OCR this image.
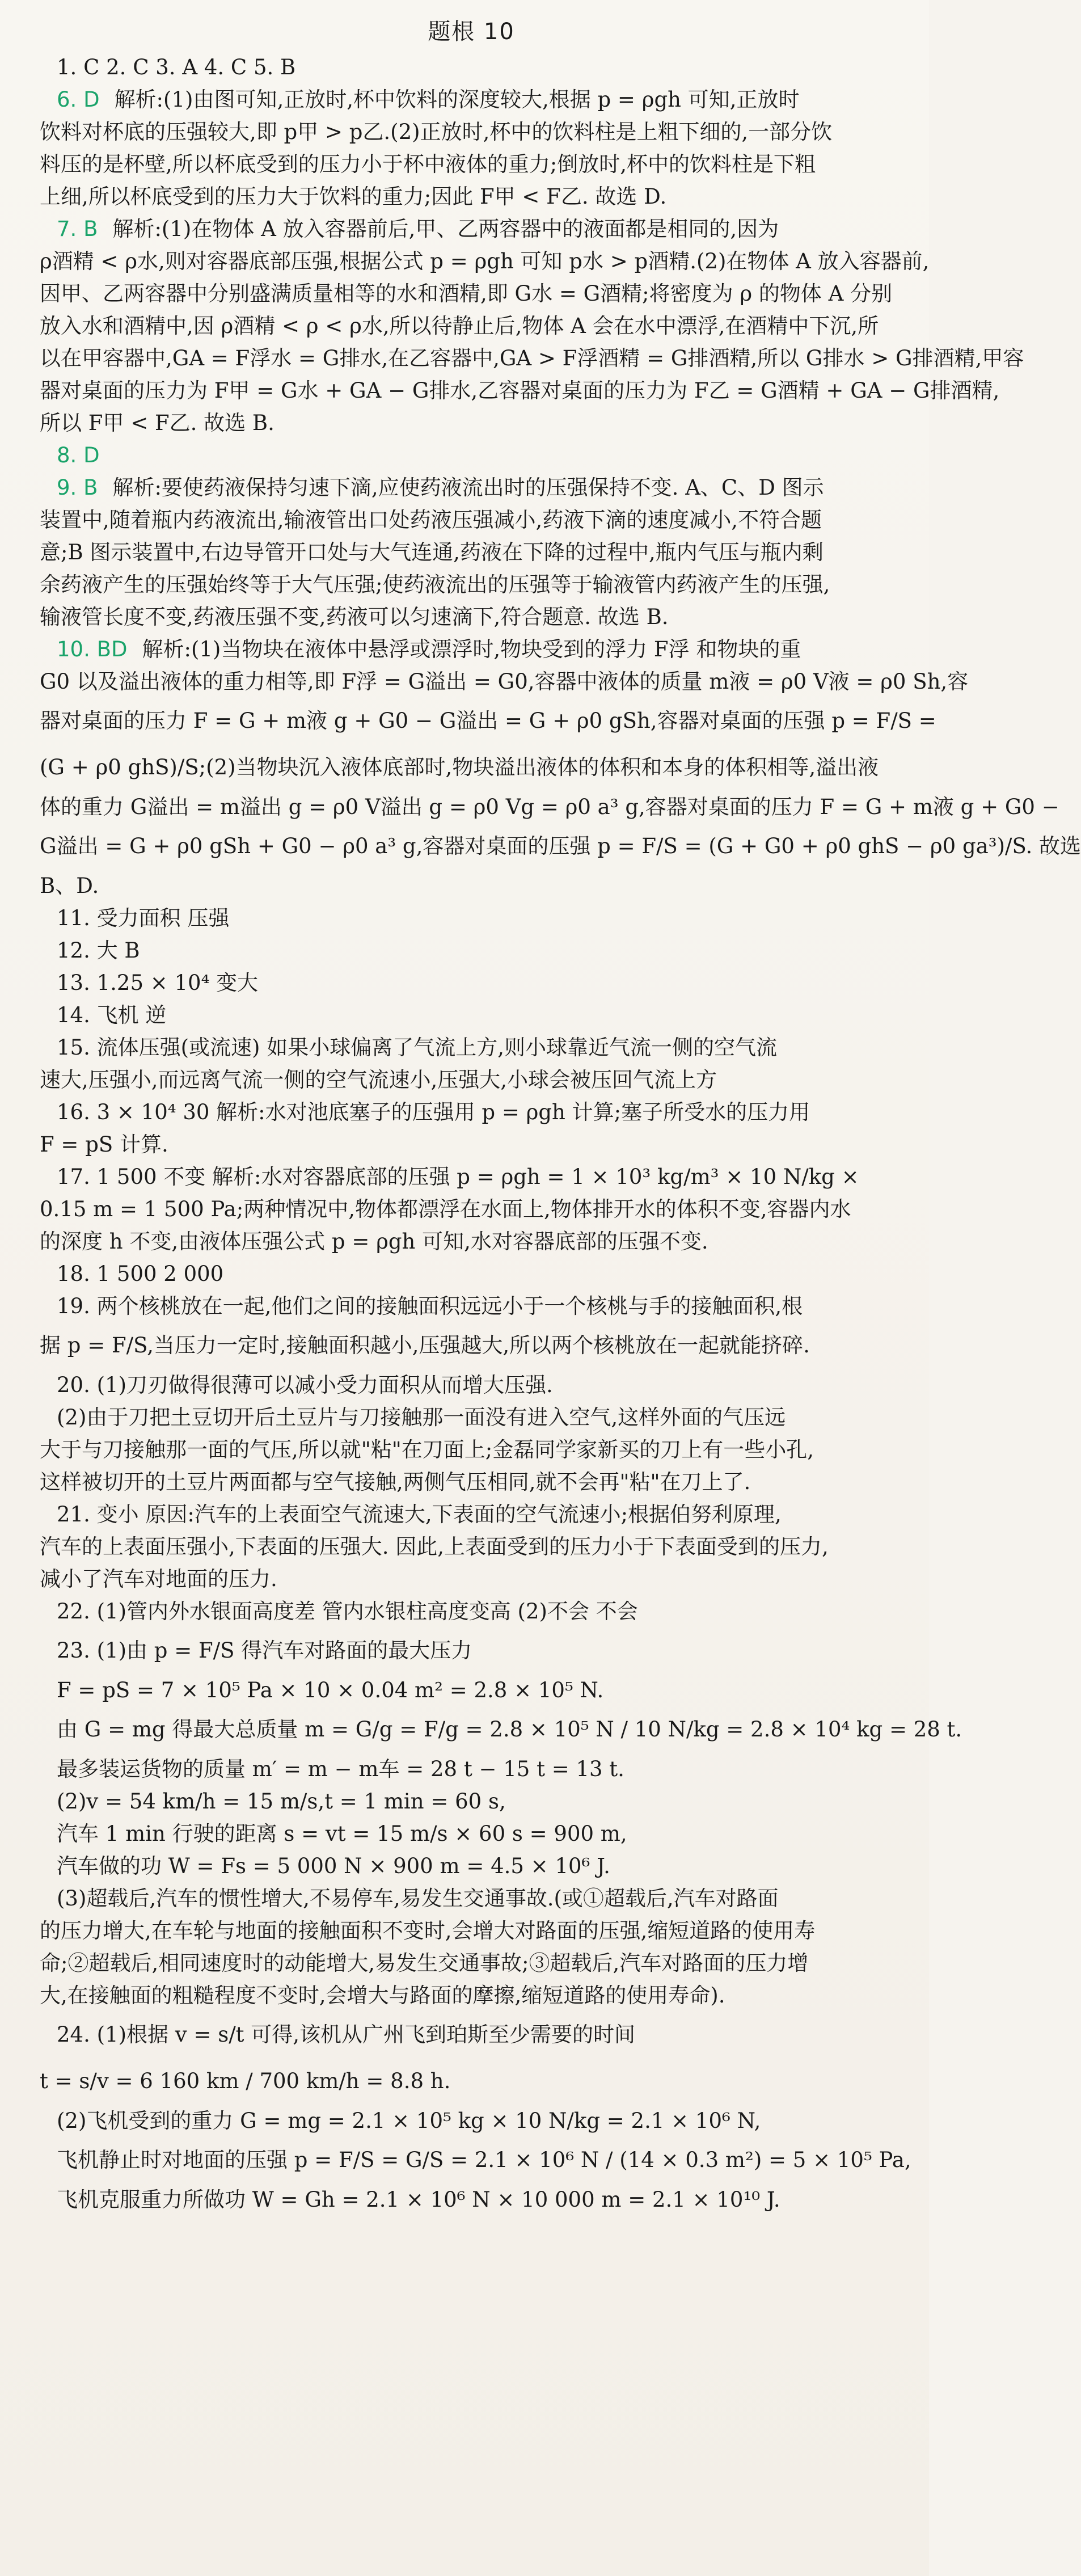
题根 10
1. C 2. C 3. A 4. C 5. B
6. D 解析:(1)由图可知,正放时,杯中饮料的深度较大,根据 p = ρgh 可知,正放时
饮料对杯底的压强较大,即 p甲 > p乙.(2)正放时,杯中的饮料柱是上粗下细的,一部分饮
料压的是杯壁,所以杯底受到的压力小于杯中液体的重力;倒放时,杯中的饮料柱是下粗
上细,所以杯底受到的压力大于饮料的重力;因此 F甲 < F乙. 故选 D.
7. B 解析:(1)在物体 A 放入容器前后,甲、乙两容器中的液面都是相同的,因为
ρ酒精 < ρ水,则对容器底部压强,根据公式 p = ρgh 可知 p水 > p酒精.(2)在物体 A 放入容器前,
因甲、乙两容器中分别盛满质量相等的水和酒精,即 G水 = G酒精;将密度为 ρ 的物体 A 分别
放入水和酒精中,因 ρ酒精 < ρ < ρ水,所以待静止后,物体 A 会在水中漂浮,在酒精中下沉,所
以在甲容器中,GA = F浮水 = G排水,在乙容器中,GA > F浮酒精 = G排酒精,所以 G排水 > G排酒精,甲容
器对桌面的压力为 F甲 = G水 + GA − G排水,乙容器对桌面的压力为 F乙 = G酒精 + GA − G排酒精,
所以 F甲 < F乙. 故选 B.
8. D
9. B 解析:要使药液保持匀速下滴,应使药液流出时的压强保持不变. A、C、D 图示
装置中,随着瓶内药液流出,输液管出口处药液压强减小,药液下滴的速度减小,不符合题
意;B 图示装置中,右边导管开口处与大气连通,药液在下降的过程中,瓶内气压与瓶内剩
余药液产生的压强始终等于大气压强;使药液流出的压强等于输液管内药液产生的压强,
输液管长度不变,药液压强不变,药液可以匀速滴下,符合题意. 故选 B.
10. BD 解析:(1)当物块在液体中悬浮或漂浮时,物块受到的浮力 F浮 和物块的重
G0 以及溢出液体的重力相等,即 F浮 = G溢出 = G0,容器中液体的质量 m液 = ρ0 V液 = ρ0 Sh,容
器对桌面的压力 F = G + m液 g + G0 − G溢出 = G + ρ0 gSh,容器对桌面的压强 p = F/S =
(G + ρ0 ghS)/S;(2)当物块沉入液体底部时,物块溢出液体的体积和本身的体积相等,溢出液
体的重力 G溢出 = m溢出 g = ρ0 V溢出 g = ρ0 Vg = ρ0 a³ g,容器对桌面的压力 F = G + m液 g + G0 −
G溢出 = G + ρ0 gSh + G0 − ρ0 a³ g,容器对桌面的压强 p = F/S = (G + G0 + ρ0 ghS − ρ0 ga³)/S. 故选
B、D.
11. 受力面积 压强
12. 大 B
13. 1.25 × 10⁴ 变大
14. 飞机 逆
15. 流体压强(或流速) 如果小球偏离了气流上方,则小球靠近气流一侧的空气流
速大,压强小,而远离气流一侧的空气流速小,压强大,小球会被压回气流上方
16. 3 × 10⁴ 30 解析:水对池底塞子的压强用 p = ρgh 计算;塞子所受水的压力用
F = pS 计算.
17. 1 500 不变 解析:水对容器底部的压强 p = ρgh = 1 × 10³ kg/m³ × 10 N/kg ×
0.15 m = 1 500 Pa;两种情况中,物体都漂浮在水面上,物体排开水的体积不变,容器内水
的深度 h 不变,由液体压强公式 p = ρgh 可知,水对容器底部的压强不变.
18. 1 500 2 000
19. 两个核桃放在一起,他们之间的接触面积远远小于一个核桃与手的接触面积,根
据 p = F/S,当压力一定时,接触面积越小,压强越大,所以两个核桃放在一起就能挤碎.
20. (1)刀刃做得很薄可以减小受力面积从而增大压强.
(2)由于刀把土豆切开后土豆片与刀接触那一面没有进入空气,这样外面的气压远
大于与刀接触那一面的气压,所以就"粘"在刀面上;金磊同学家新买的刀上有一些小孔,
这样被切开的土豆片两面都与空气接触,两侧气压相同,就不会再"粘"在刀上了.
21. 变小 原因:汽车的上表面空气流速大,下表面的空气流速小;根据伯努利原理,
汽车的上表面压强小,下表面的压强大. 因此,上表面受到的压力小于下表面受到的压力,
减小了汽车对地面的压力.
22. (1)管内外水银面高度差 管内水银柱高度变高 (2)不会 不会
23. (1)由 p = F/S 得汽车对路面的最大压力
F = pS = 7 × 10⁵ Pa × 10 × 0.04 m² = 2.8 × 10⁵ N.
由 G = mg 得最大总质量 m = G/g = F/g = 2.8 × 10⁵ N / 10 N/kg = 2.8 × 10⁴ kg = 28 t.
最多装运货物的质量 m′ = m − m车 = 28 t − 15 t = 13 t.
(2)v = 54 km/h = 15 m/s,t = 1 min = 60 s,
汽车 1 min 行驶的距离 s = vt = 15 m/s × 60 s = 900 m,
汽车做的功 W = Fs = 5 000 N × 900 m = 4.5 × 10⁶ J.
(3)超载后,汽车的惯性增大,不易停车,易发生交通事故.(或①超载后,汽车对路面
的压力增大,在车轮与地面的接触面积不变时,会增大对路面的压强,缩短道路的使用寿
命;②超载后,相同速度时的动能增大,易发生交通事故;③超载后,汽车对路面的压力增
大,在接触面的粗糙程度不变时,会增大与路面的摩擦,缩短道路的使用寿命).
24. (1)根据 v = s/t 可得,该机从广州飞到珀斯至少需要的时间
t = s/v = 6 160 km / 700 km/h = 8.8 h.
(2)飞机受到的重力 G = mg = 2.1 × 10⁵ kg × 10 N/kg = 2.1 × 10⁶ N,
飞机静止时对地面的压强 p = F/S = G/S = 2.1 × 10⁶ N / (14 × 0.3 m²) = 5 × 10⁵ Pa,
飞机克服重力所做功 W = Gh = 2.1 × 10⁶ N × 10 000 m = 2.1 × 10¹⁰ J.
